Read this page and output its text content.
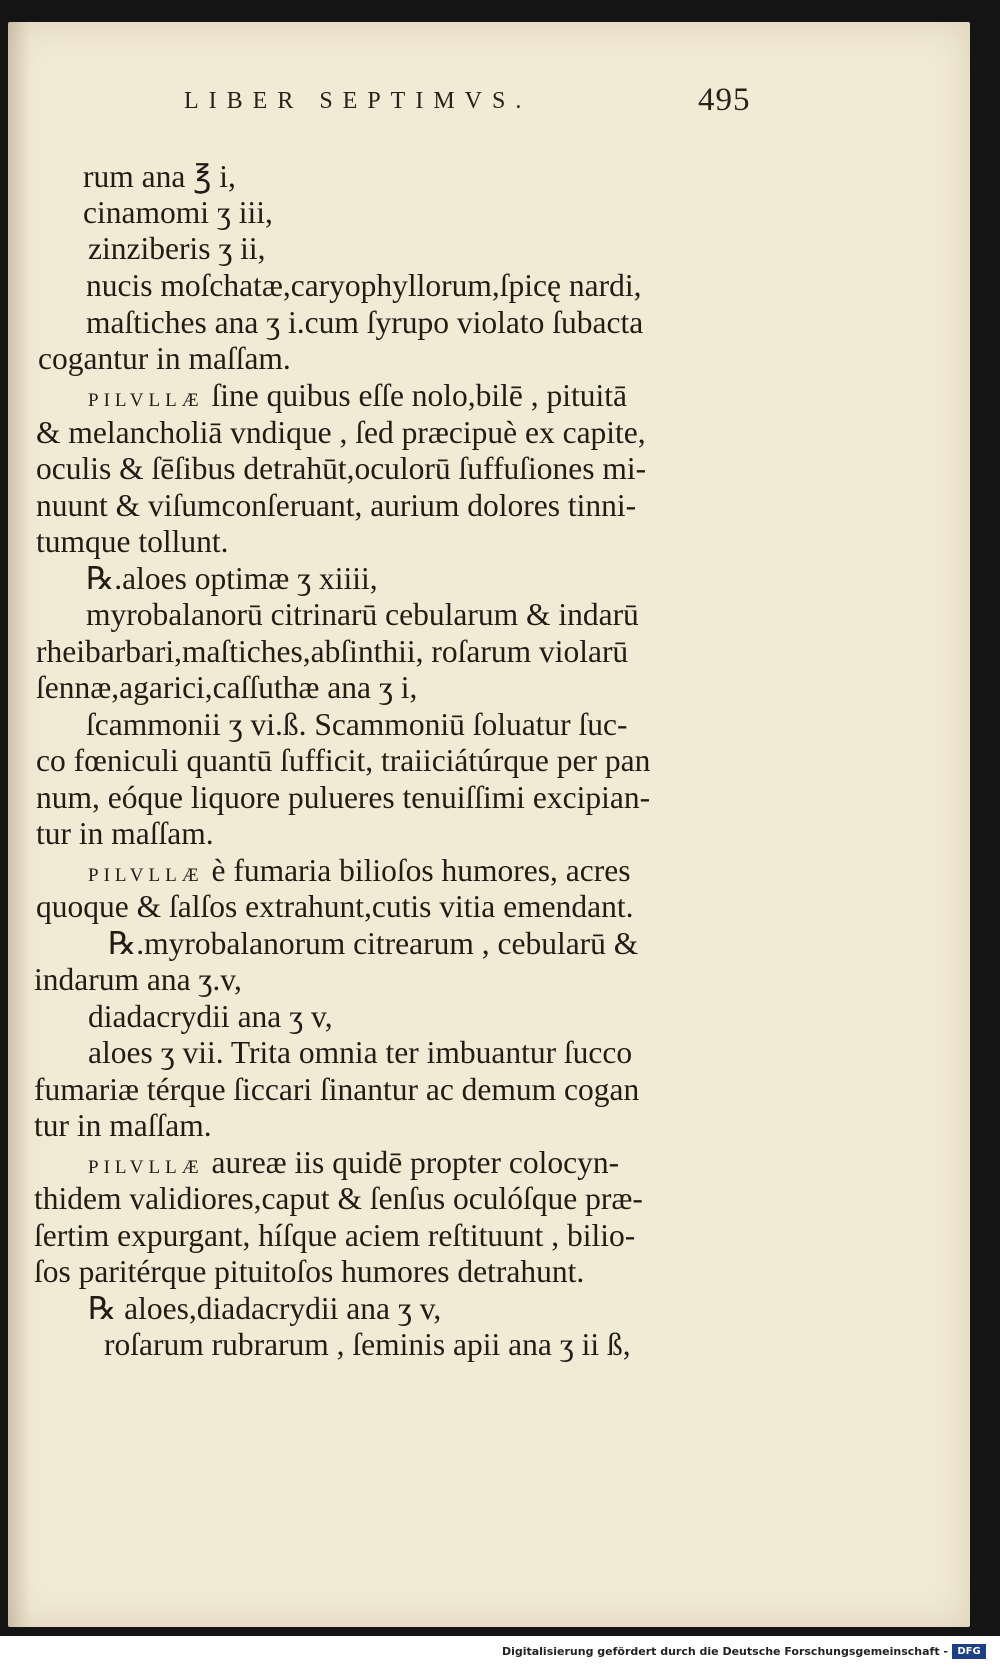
LIBER SEPTIMVS.	495
rum ana ℥ i,
cinamomi ʒ iii,
zinziberis ʒ ii,
nucis moſchatæ,caryophyllorum,ſpicę nardi,
maſtiches ana ʒ i.cum ſyrupo violato ſubacta
cogantur in maſſam.
PILVLLÆ ſine quibus eſſe nolo,bilē , pituitā
& melancholiā vndique , ſed præcipuè ex capite,
oculis & ſēſibus detrahūt,oculorū ſuffuſiones mi-
nuunt & viſumconſeruant, aurium dolores tinni-
tumque tollunt.
℞.aloes optimæ ʒ xiiii,
myrobalanorū citrinarū cebularum & indarū
rheibarbari,maſtiches,abſinthii, roſarum violarū
ſennæ,agarici,caſſuthæ ana ʒ i,
ſcammonii ʒ vi.ß. Scammoniū ſoluatur ſuc-
co fœniculi quantū ſufficit, traiiciátúrque per pan
num, eóque liquore pulueres tenuiſſimi excipian-
tur in maſſam.
PILVLLÆ è fumaria bilioſos humores, acres
quoque & ſalſos extrahunt,cutis vitia emendant.
℞.myrobalanorum citrearum , cebularū &
indarum ana ʒ.v,
diadacrydii ana ʒ v,
aloes ʒ vii. Trita omnia ter imbuantur ſucco
fumariæ térque ſiccari ſinantur ac demum cogan
tur in maſſam.
PILVLLÆ aureæ iis quidē propter colocyn-
thidem validiores,caput & ſenſus oculóſque præ-
ſertim expurgant, híſque aciem reſtituunt , bilio-
ſos paritérque pituitoſos humores detrahunt.
℞ aloes,diadacrydii ana ʒ v,
roſarum rubrarum , ſeminis apii ana ʒ ii ß,
Digitalisierung gefördert durch die Deutsche Forschungsgemeinschaft - DFG
